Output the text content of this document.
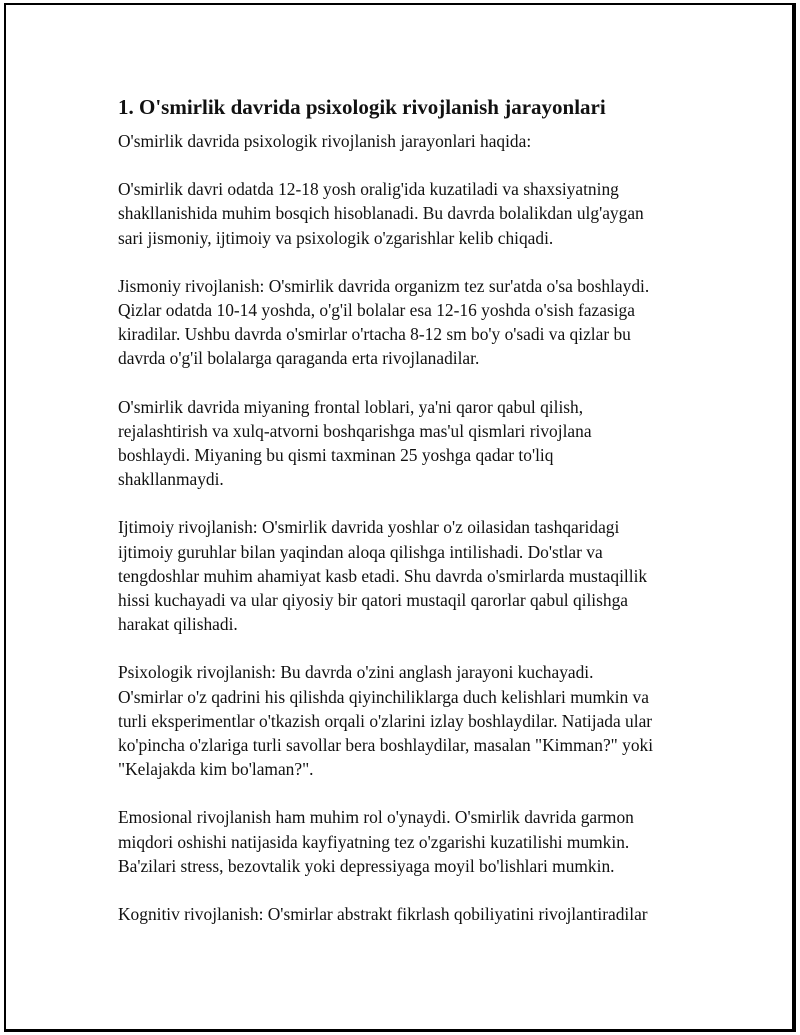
1. O'smirlik davrida psixologik rivojlanish jarayonlari

O'smirlik davrida psixologik rivojlanish jarayonlari haqida:

O'smirlik davri odatda 12-18 yosh oralig'ida kuzatiladi va shaxsiyatning
shakllanishida muhim bosqich hisoblanadi. Bu davrda bolalikdan ulg'aygan
sari jismoniy, ijtimoiy va psixologik o'zgarishlar kelib chiqadi.

Jismoniy rivojlanish: O'smirlik davrida organizm tez sur'atda o'sa boshlaydi.
Qizlar odatda 10-14 yoshda, o'g'il bolalar esa 12-16 yoshda o'sish fazasiga
kiradilar. Ushbu davrda o'smirlar o'rtacha 8-12 sm bo'y o'sadi va qizlar bu
davrda o'g'il bolalarga qaraganda erta rivojlanadilar.

O'smirlik davrida miyaning frontal loblari, ya'ni qaror qabul qilish,
rejalashtirish va xulq-atvorni boshqarishga mas'ul qismlari rivojlana
boshlaydi. Miyaning bu qismi taxminan 25 yoshga qadar to'liq
shakllanmaydi.

Ijtimoiy rivojlanish: O'smirlik davrida yoshlar o'z oilasidan tashqaridagi
ijtimoiy guruhlar bilan yaqindan aloqa qilishga intilishadi. Do'stlar va
tengdoshlar muhim ahamiyat kasb etadi. Shu davrda o'smirlarda mustaqillik
hissi kuchayadi va ular qiyosiy bir qatori mustaqil qarorlar qabul qilishga
harakat qilishadi.

Psixologik rivojlanish: Bu davrda o'zini anglash jarayoni kuchayadi.
O'smirlar o'z qadrini his qilishda qiyinchiliklarga duch kelishlari mumkin va
turli eksperimentlar o'tkazish orqali o'zlarini izlay boshlaydilar. Natijada ular
ko'pincha o'zlariga turli savollar bera boshlaydilar, masalan "Kimman?" yoki
"Kelajakda kim bo'laman?".

Emosional rivojlanish ham muhim rol o'ynaydi. O'smirlik davrida garmon
miqdori oshishi natijasida kayfiyatning tez o'zgarishi kuzatilishi mumkin.
Ba'zilari stress, bezovtalik yoki depressiyaga moyil bo'lishlari mumkin.

Kognitiv rivojlanish: O'smirlar abstrakt fikrlash qobiliyatini rivojlantiradilar
